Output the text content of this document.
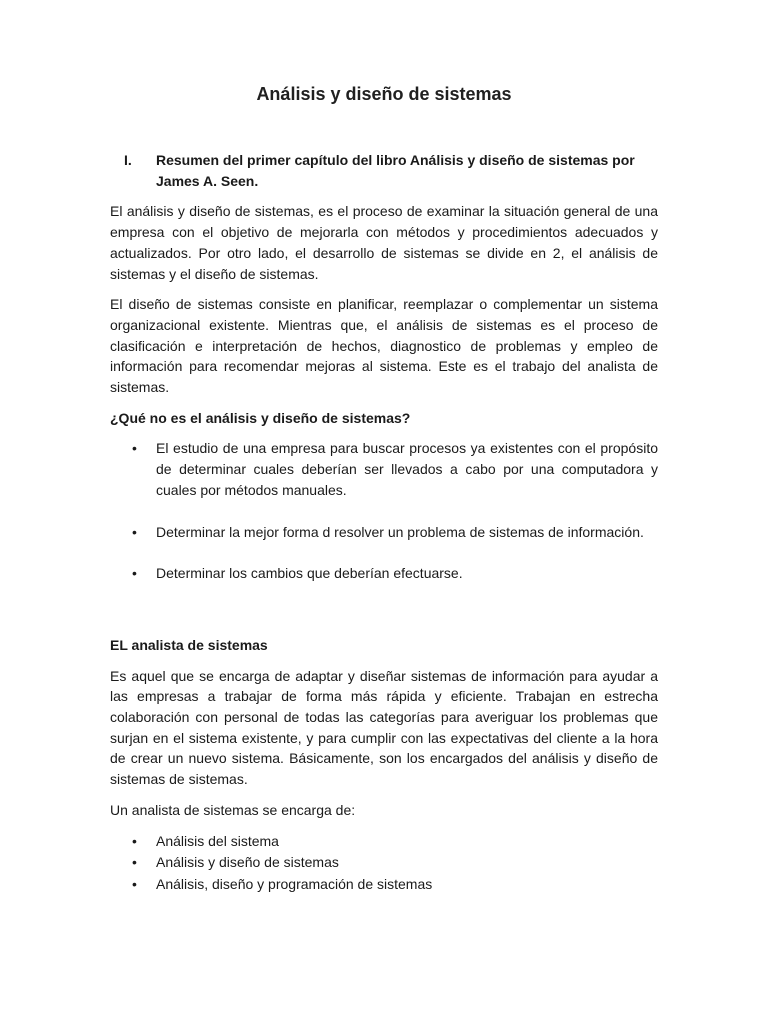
Análisis y diseño de sistemas
I.	Resumen del primer capítulo del libro Análisis y diseño de sistemas por James A. Seen.

El análisis y diseño de sistemas, es el proceso de examinar la situación general de una empresa con el objetivo de mejorarla con métodos y procedimientos adecuados y actualizados. Por otro lado, el desarrollo de sistemas se divide en 2, el análisis de sistemas y el diseño de sistemas.

El diseño de sistemas consiste en planificar, reemplazar o complementar un sistema organizacional existente. Mientras que, el análisis de sistemas es el proceso de clasificación e interpretación de hechos, diagnostico de problemas y empleo de información para recomendar mejoras al sistema. Este es el trabajo del analista de sistemas.

¿Qué no es el análisis y diseño de sistemas?
•	El estudio de una empresa para buscar procesos ya existentes con el propósito de determinar cuales deberían ser llevados a cabo por una computadora y cuales por métodos manuales.
•	Determinar la mejor forma d resolver un problema de sistemas de información.
•	Determinar los cambios que deberían efectuarse.
EL analista de sistemas

Es aquel que se encarga de adaptar y diseñar sistemas de información para ayudar a las empresas a trabajar de forma más rápida y eficiente. Trabajan en estrecha colaboración con personal de todas las categorías para averiguar los problemas que surjan en el sistema existente, y para cumplir con las expectativas del cliente a la hora de crear un nuevo sistema. Básicamente, son los encargados del análisis y diseño de sistemas de sistemas.

Un analista de sistemas se encarga de:

•	Análisis del sistema
•	Análisis y diseño de sistemas
•	Análisis, diseño y programación de sistemas
